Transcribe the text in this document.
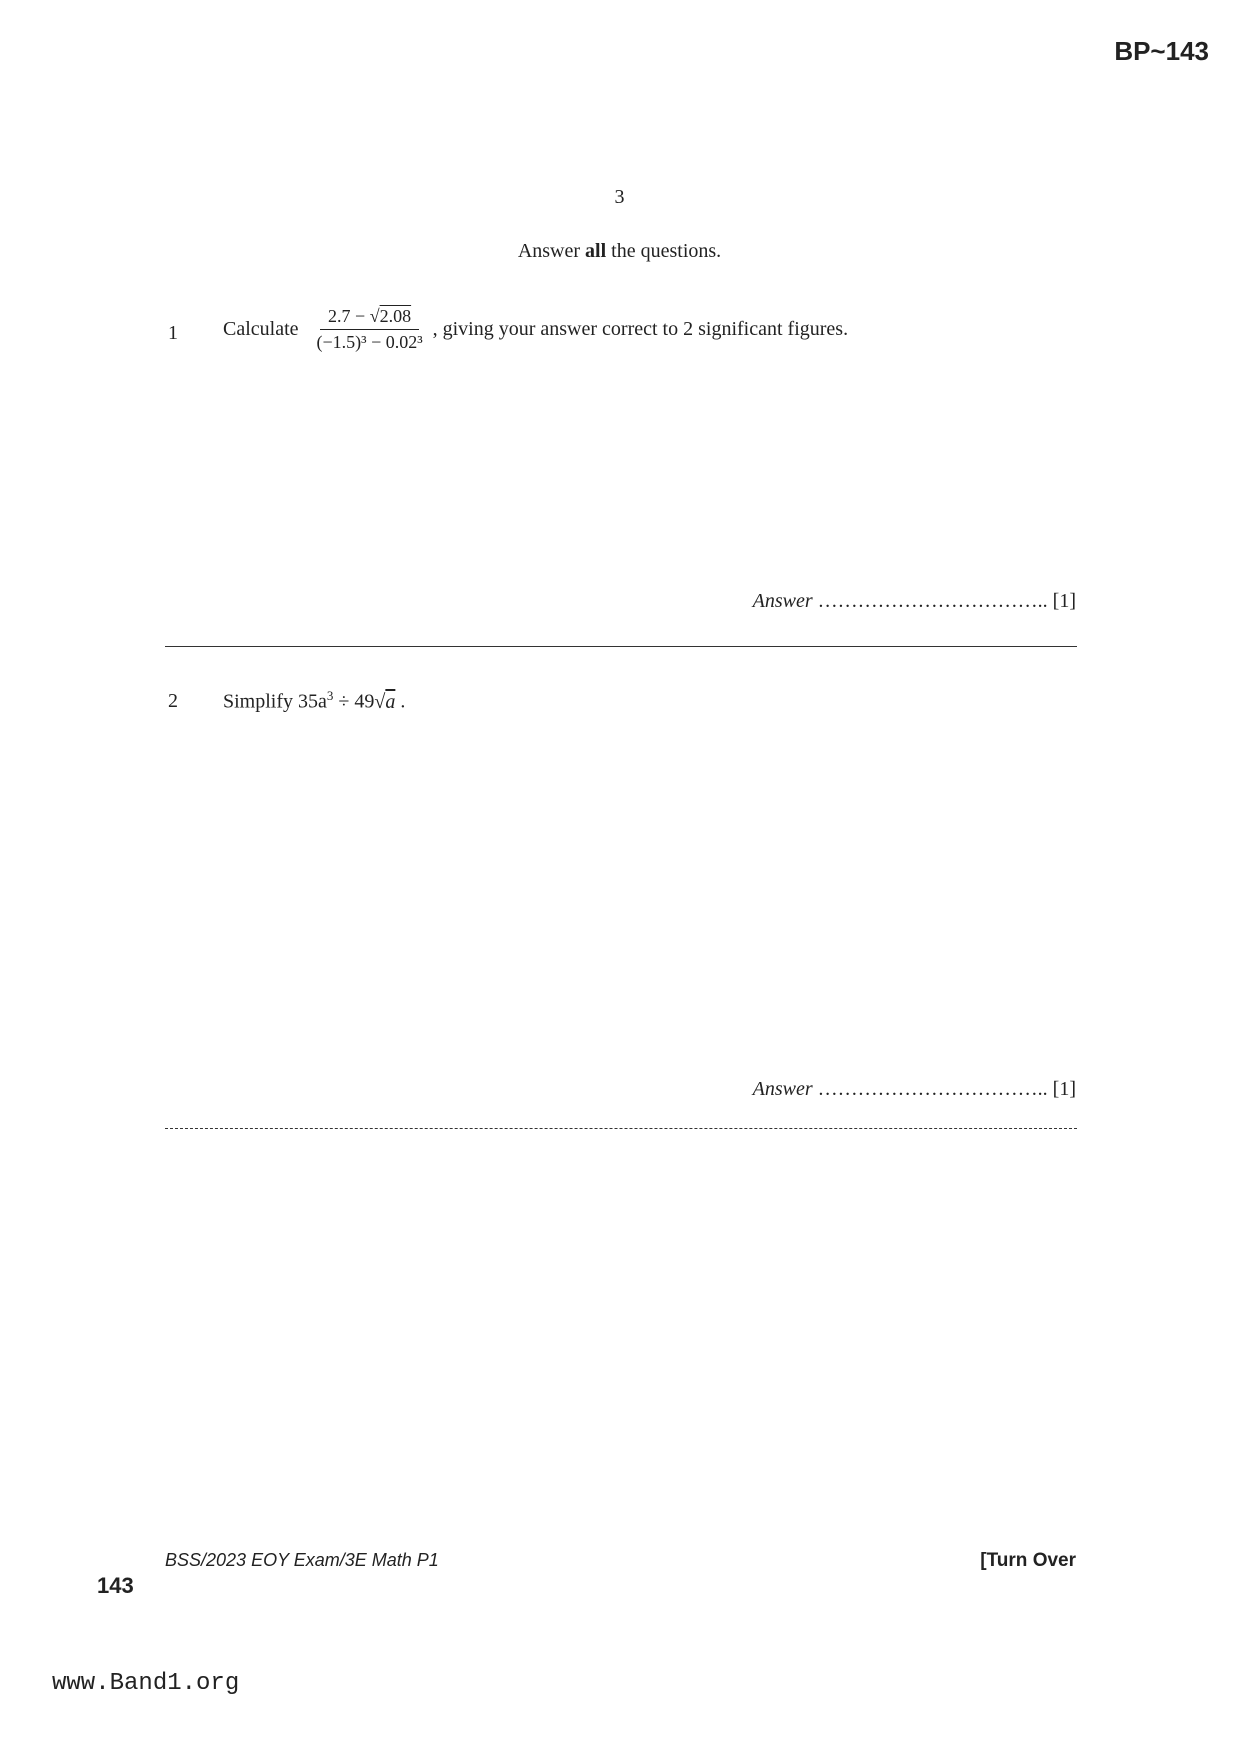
BP~143
3
Answer all the questions.
1 Calculate $\frac{2.7 - √2.08}{\text{(−1.5)³ − 0.02³}}$ , giving your answer correct to 2 significant figures.
Answer …………………………….. [1]
2 Simplify $35a^3 \div 49√a$ .
Answer …………………………….. [1]
BSS/2023 EOY Exam/3E Math P1	[Turn Over
143
www.Band1.org
